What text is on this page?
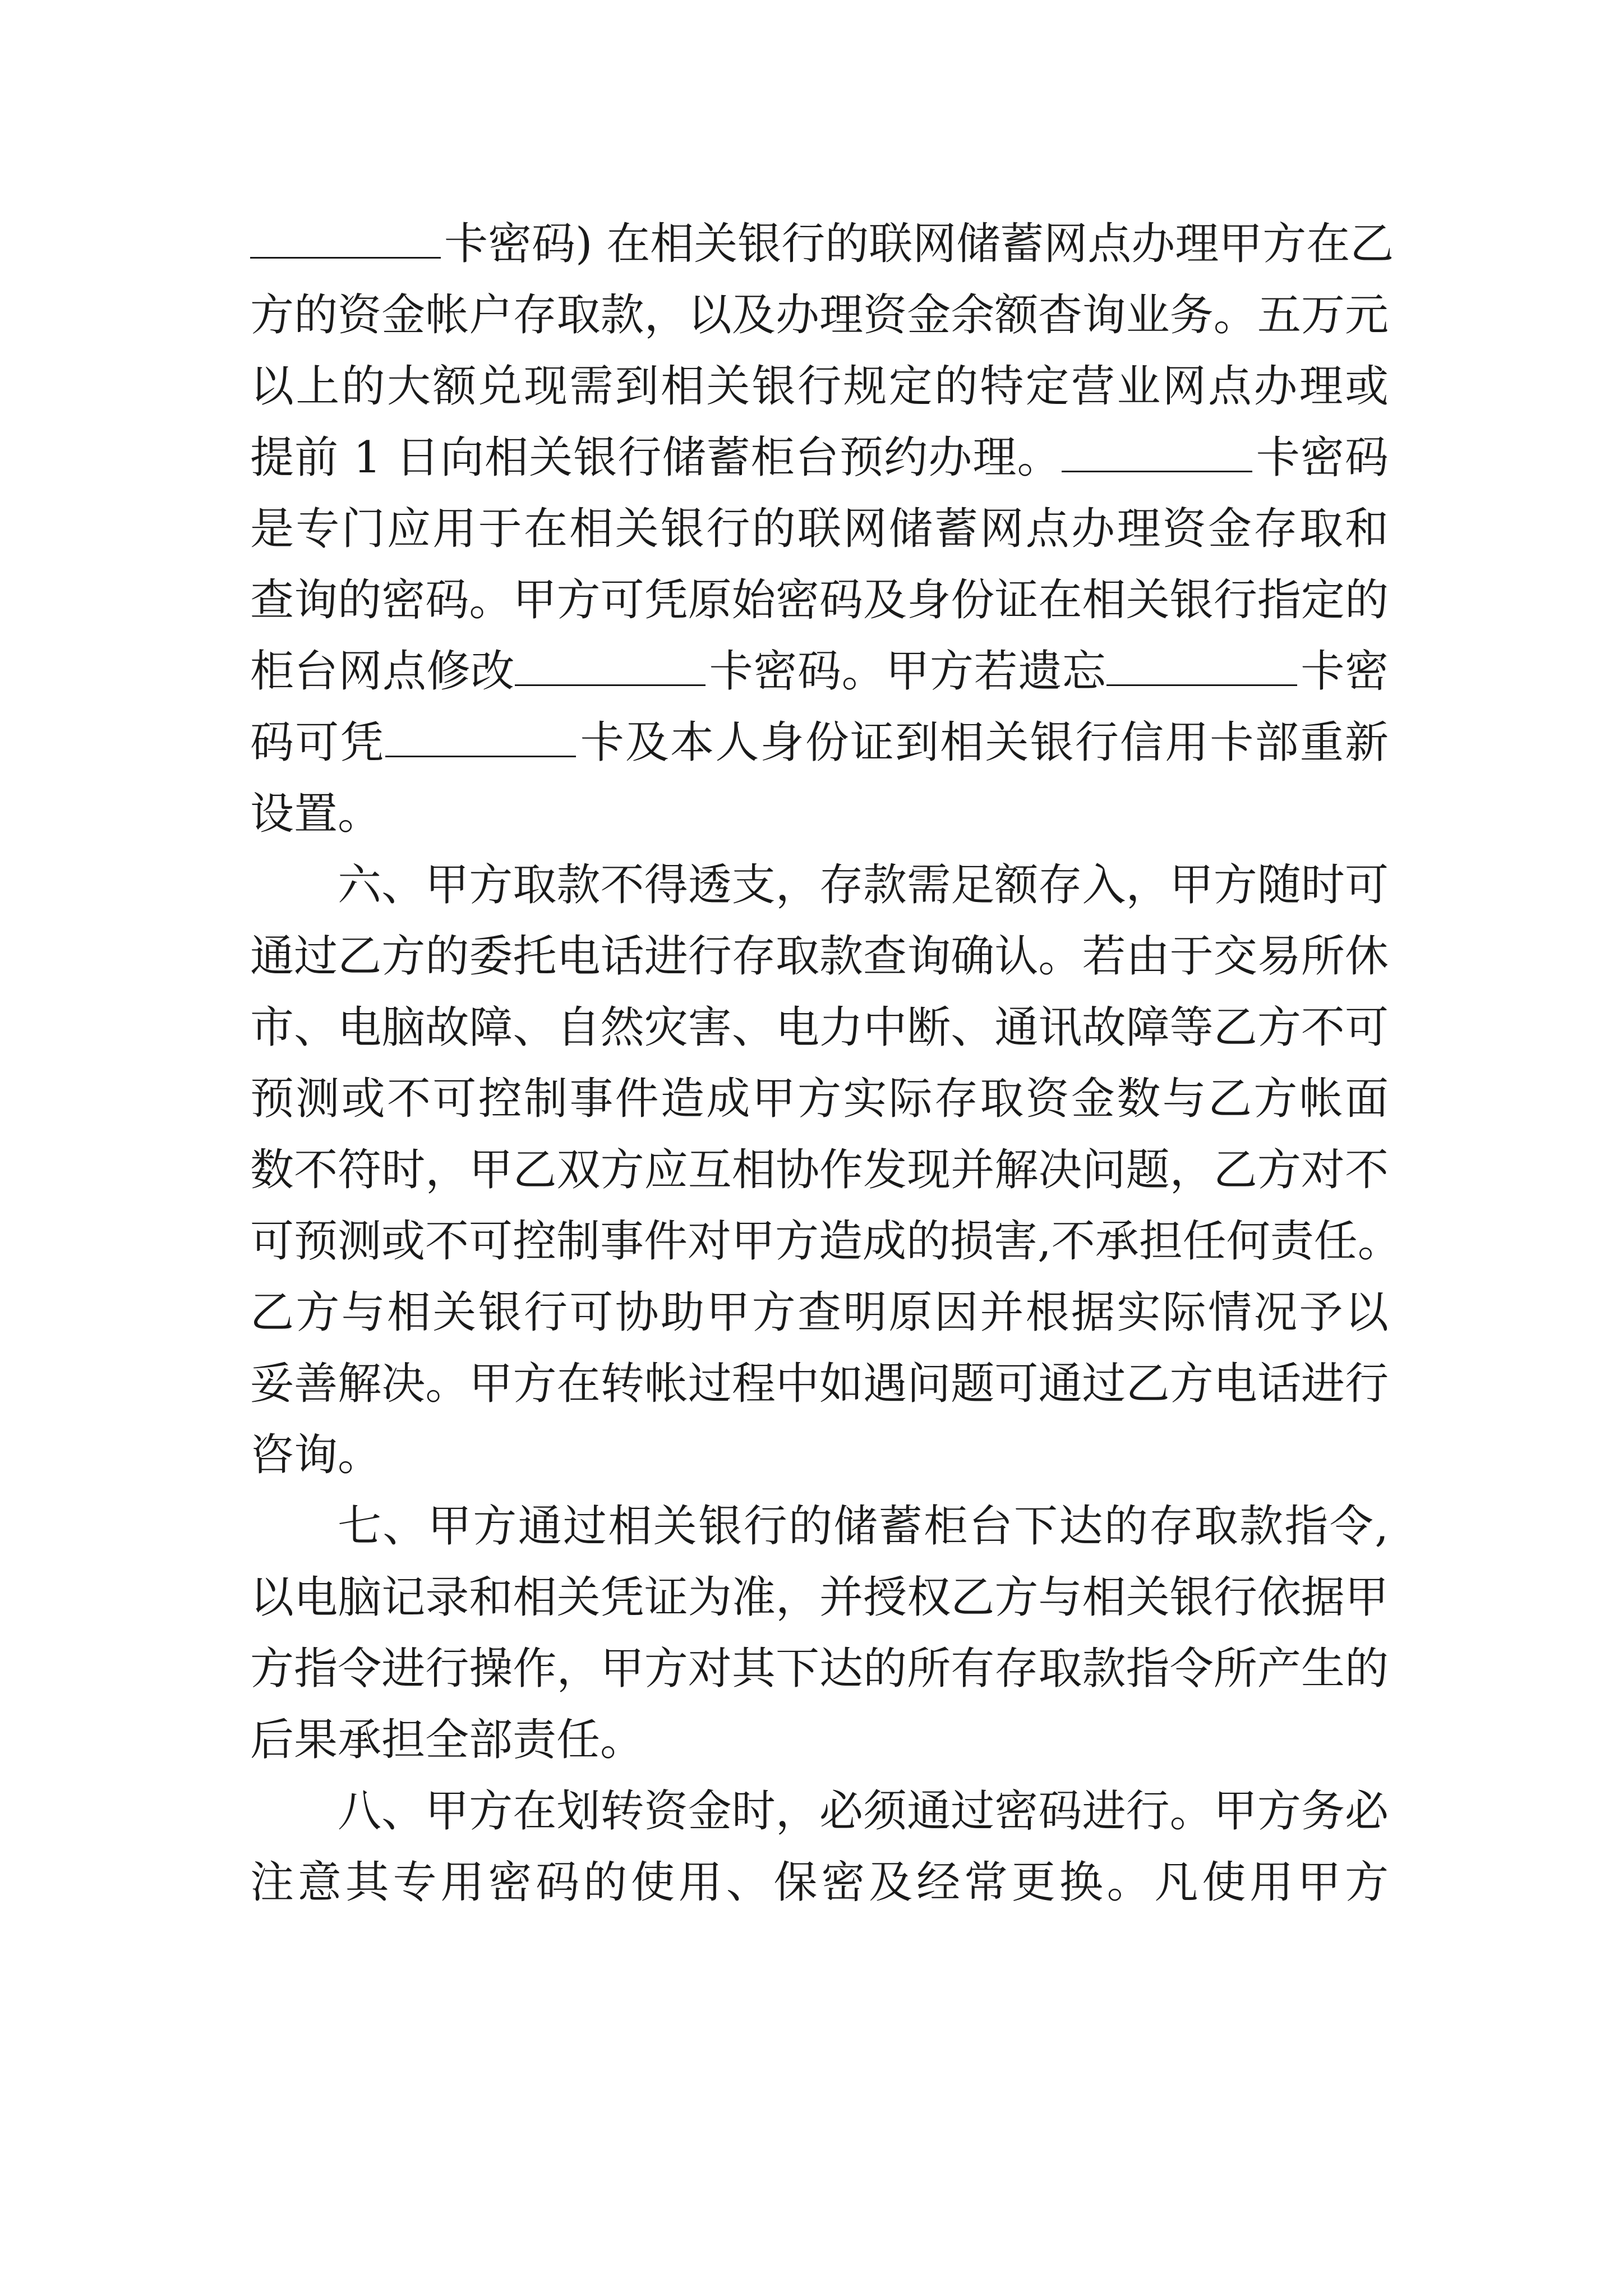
卡密码) 在相关银行的联网储蓄网点办理甲方在乙
方的资金帐户存取款，以及办理资金余额杳询业务。五万元
以上的大额兑现需到相关银行规定的特定营业网点办理或
提前 1 日向相关银行储蓄柜台预约办理。	卡密码
是专门应用于在相关银行的联网储蓄网点办理资金存取和
查询的密码。甲方可凭原始密码及身份证在相关银行指定的
柜台网点修改	卡密码。甲方若遗忘	卡密
码可凭	卡及本人身份证到相关银行信用卡部重新
设置。
六、甲方取款不得透支，存款需足额存入，甲方随时可
通过乙方的委托电话进行存取款查询确认。若由于交易所休
市、电脑故障、自然灾害、电力中断、通讯故障等乙方不可
预测或不可控制事件造成甲方实际存取资金数与乙方帐面
数不符时，甲乙双方应互相协作发现并解决问题，乙方对不
可预测或不可控制事件对甲方造成的损害,不承担任何责任。
乙方与相关银行可协助甲方查明原因并根据实际情况予以
妥善解决。甲方在转帐过程中如遇问题可通过乙方电话进行
咨询。
七、甲方通过相关银行的储蓄柜台下达的存取款指令,
以电脑记录和相关凭证为准，并授权乙方与相关银行依据甲
方指令进行操作，甲方对其下达的所有存取款指令所产生的
后果承担全部责任。
八、甲方在划转资金时，必须通过密码进行。甲方务必
注意其专用密码的使用、保密及经常更换。凡使用甲方
